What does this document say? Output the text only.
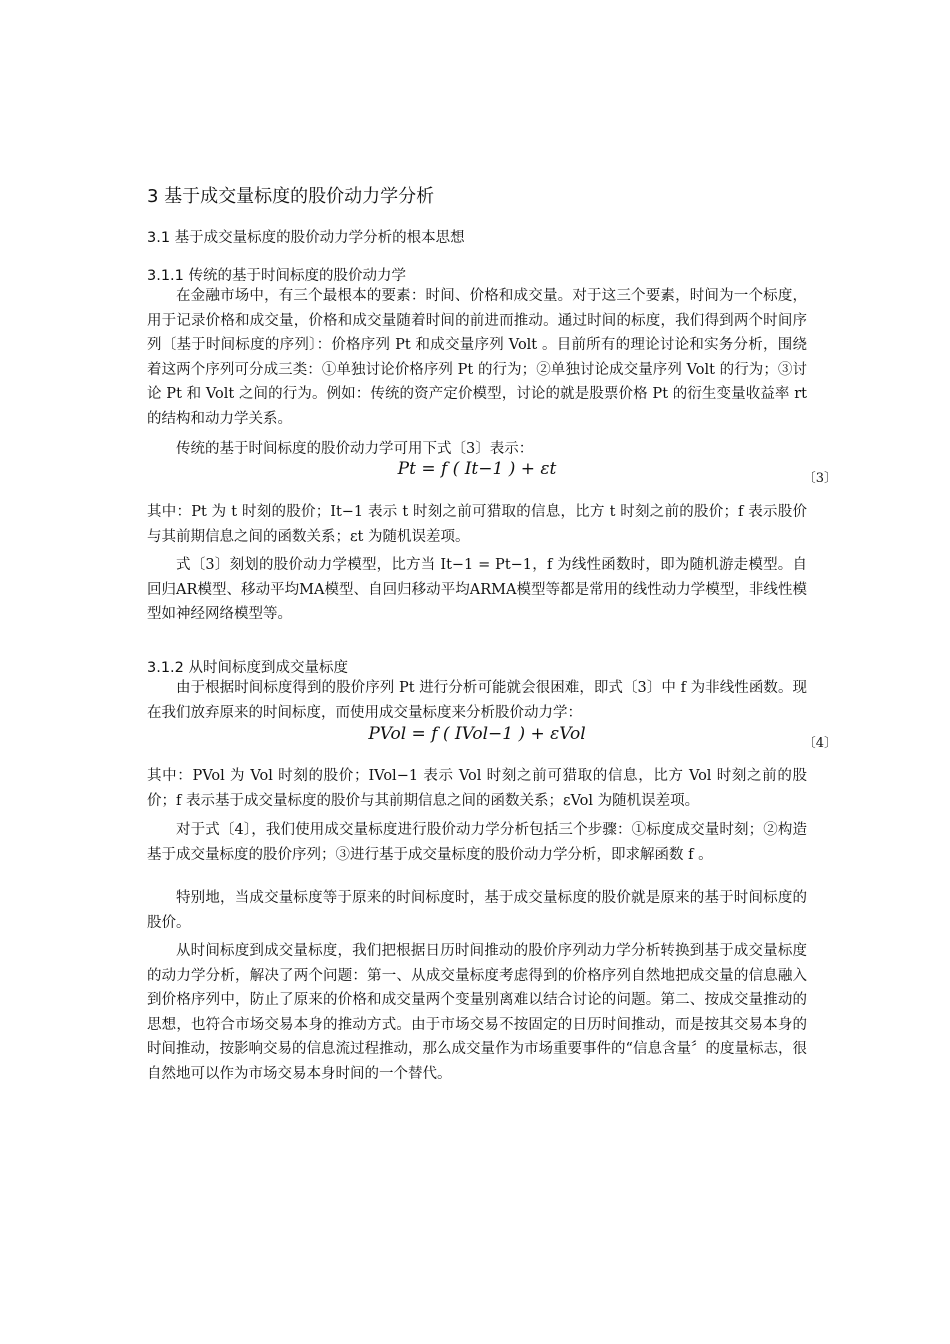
3 基于成交量标度的股价动力学分析
3.1 基于成交量标度的股价动力学分析的根本思想
3.1.1 传统的基于时间标度的股价动力学

在金融市场中，有三个最根本的要素：时间、价格和成交量。对于这三个要素，时间为一个标度，用于记录价格和成交量，价格和成交量随着时间的前进而推动。通过时间的标度，我们得到两个时间序列〔基于时间标度的序列〕：价格序列 Pt 和成交量序列 Volt 。目前所有的理论讨论和实务分析，围绕着这两个序列可分成三类：①单独讨论价格序列 Pt 的行为；②单独讨论成交量序列 Volt 的行为；③讨论 Pt 和 Volt 之间的行为。例如：传统的资产定价模型，讨论的就是股票价格 Pt 的衍生变量收益率 rt 的结构和动力学关系。

传统的基于时间标度的股价动力学可用下式〔3〕表示：

Pt = f ( It−1 ) + εt	〔3〕

其中：Pt 为 t 时刻的股价；It−1 表示 t 时刻之前可猎取的信息，比方 t 时刻之前的股价；f 表示股价与其前期信息之间的函数关系；εt 为随机误差项。

式〔3〕刻划的股价动力学模型，比方当 It−1 = Pt−1，f 为线性函数时，即为随机游走模型。自回归AR模型、移动平均MA模型、自回归移动平均ARMA模型等都是常用的线性动力学模型，非线性模型如神经网络模型等。

3.1.2 从时间标度到成交量标度

由于根据时间标度得到的股价序列 Pt 进行分析可能就会很困难，即式〔3〕中 f 为非线性函数。现在我们放弃原来的时间标度，而使用成交量标度来分析股价动力学：

PVol = f ( IVol−1 ) + εVol	〔4〕

其中：PVol 为 Vol 时刻的股价；IVol−1 表示 Vol 时刻之前可猎取的信息，比方 Vol 时刻之前的股价；f 表示基于成交量标度的股价与其前期信息之间的函数关系；εVol 为随机误差项。

对于式〔4〕，我们使用成交量标度进行股价动力学分析包括三个步骤：①标度成交量时刻；②构造基于成交量标度的股价序列；③进行基于成交量标度的股价动力学分析，即求解函数 f 。

特别地，当成交量标度等于原来的时间标度时，基于成交量标度的股价就是原来的基于时间标度的股价。

从时间标度到成交量标度，我们把根据日历时间推动的股价序列动力学分析转换到基于成交量标度的动力学分析，解决了两个问题：第一、从成交量标度考虑得到的价格序列自然地把成交量的信息融入到价格序列中，防止了原来的价格和成交量两个变量别离难以结合讨论的问题。第二、按成交量推动的思想，也符合市场交易本身的推动方式。由于市场交易不按固定的日历时间推动，而是按其交易本身的时间推动，按影响交易的信息流过程推动，那么成交量作为市场重要事件的“信息含量〞的度量标志，很自然地可以作为市场交易本身时间的一个替代。
